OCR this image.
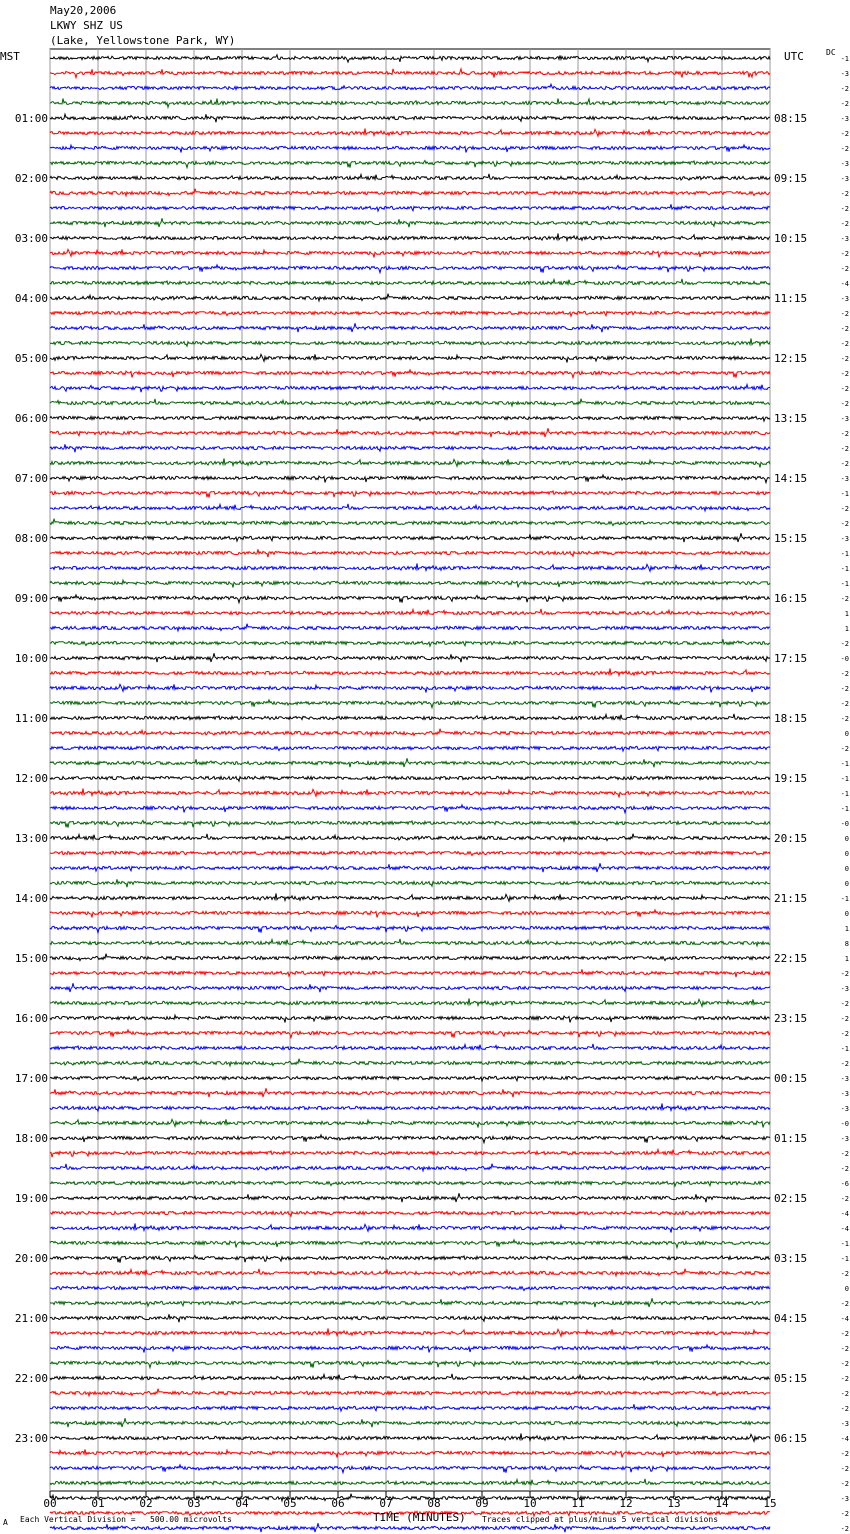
May20,2006
LKWY SHZ US
(Lake, Yellowstone Park, WY)
MST	UTC	DC
00	01	02	03	04	05	06	07	08	09	10	11	12	13	14	15
-1
-3
-2
-2
-3
-2
-2
-3
-3
-2
-2
-2
-3
-2
-2
-4
-3
-2
-2
-2
-2
-2
-2
-2
-3
-2
-2
-2
-3
-1
-2
-2
-3
-1
-1
-1
-2
1
1
-2
-0
-2
-2
-2
-2
0
-2
-1
-1
-1
-1
-0
0
0
0
0
-1
0
1
8
1
-2
-3
-2
-2
-2
-1
-2
-3
-3
-3
-0
-3
-2
-2
-6
-2
-4
-4
-1
-1
-2
0
-2
-4
-2
-2
-2
-2
-2
-2
-3
-4
-2
-2
-2
-3
-2
-2
01:00	08:15
02:00	09:15
03:00	10:15
04:00	11:15
05:00	12:15
06:00	13:15
07:00	14:15
08:00	15:15
09:00	16:15
10:00	17:15
11:00	18:15
12:00	19:15
13:00	20:15
14:00	21:15
15:00	22:15
16:00	23:15
17:00	00:15
18:00	01:15
19:00	02:15
20:00	03:15
21:00	04:15
22:00	05:15
23:00	06:15
TIME (MINUTES)
A Each Vertical Division =   500.00 microvolts	Traces clipped at plus/minus 5 vertical divisions
